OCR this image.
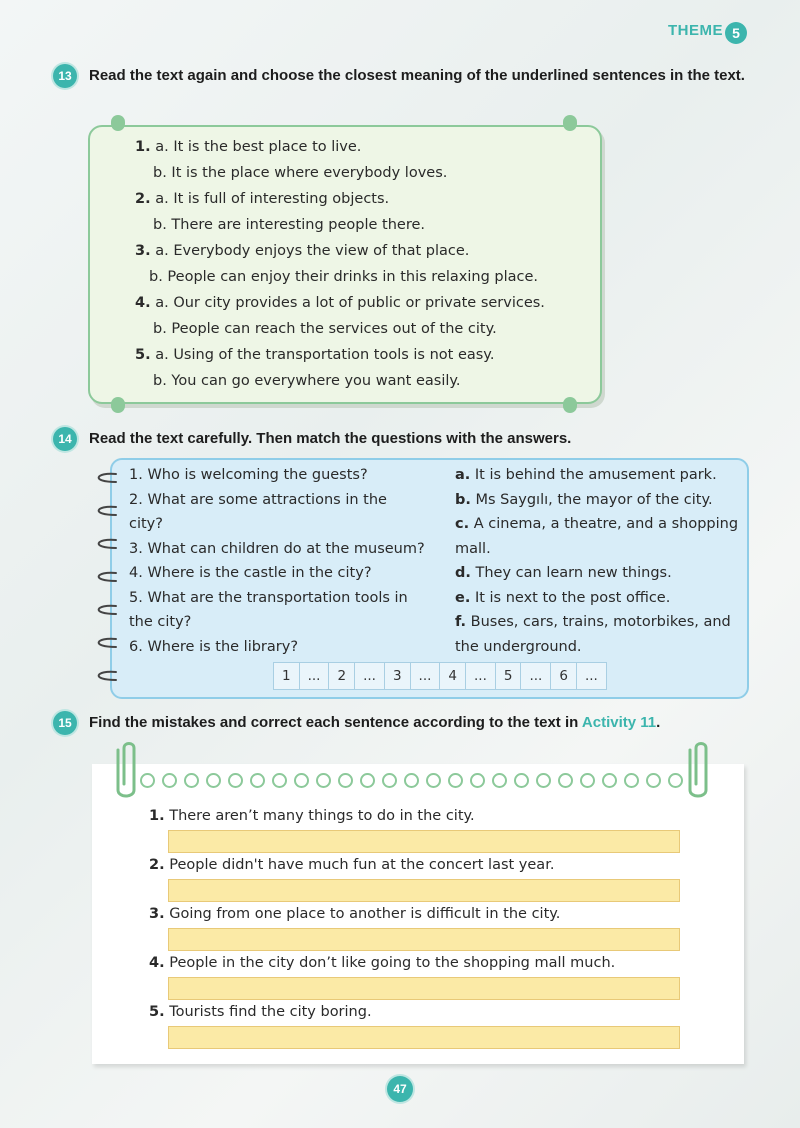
THEME 5
13	Read the text again and choose the closest meaning of the underlined sentences in the text.
1. a. It is the best place to live.
b. It is the place where everybody loves.
2. a. It is full of interesting objects.
b. There are interesting people there.
3. a. Everybody enjoys the view of that place.
b. People can enjoy their drinks in this relaxing place.
4. a. Our city provides a lot of public or private services.
b. People can reach the services out of the city.
5. a. Using of the transportation tools is not easy.
b. You can go everywhere you want easily.
14	Read the text carefully. Then match the questions with the answers.
1. Who is welcoming the guests?
2. What are some attractions in the
city?
3. What can children do at the museum?
4. Where is the castle in the city?
5. What are the transportation tools in
the city?
6. Where is the library?
a. It is behind the amusement park.
b. Ms Saygılı, the mayor of the city.
c. A cinema, a theatre, and a shopping
mall.
d. They can learn new things.
e. It is next to the post office.
f. Buses, cars, trains, motorbikes, and
the underground.
1	...	2	...	3	...	4	...	5	...	6	...
15	Find the mistakes and correct each sentence according to the text in Activity 11.
1. There aren’t many things to do in the city.
2. People didn't have much fun at the concert last year.
3. Going from one place to another is difficult in the city.
4. People in the city don’t like going to the shopping mall much.
5. Tourists find the city boring.
47
